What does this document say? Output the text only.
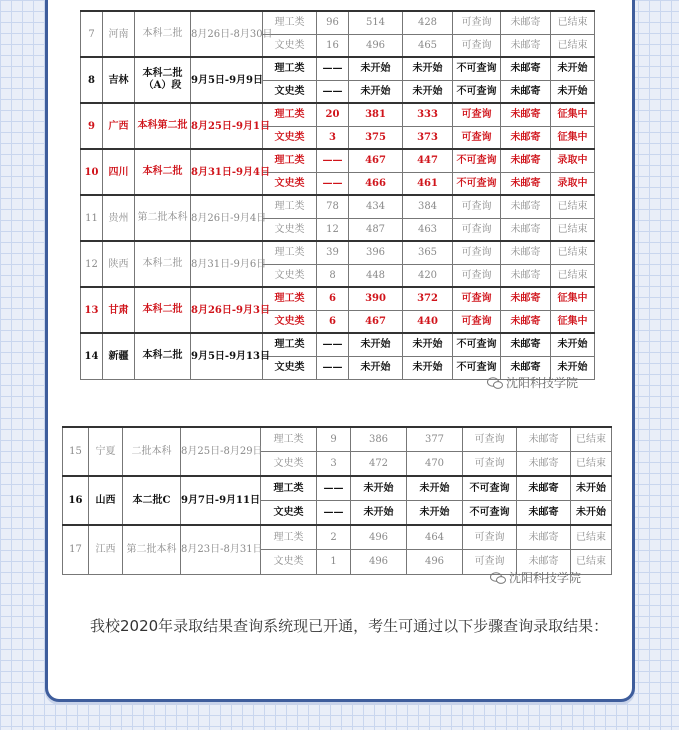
7	河南	本科二批	8月26日-8月30日	理工类	96	514	428	可查询	未邮寄	已结束
				文史类	16	496	465	可查询	未邮寄	已结束
8	吉林	本科二批（A）段	9月5日-9月9日	理工类	——	未开始	未开始	不可查询	未邮寄	未开始
				文史类	——	未开始	未开始	不可查询	未邮寄	未开始
9	广西	本科第二批	8月25日-9月1日	理工类	20	381	333	可查询	未邮寄	征集中
				文史类	3	375	373	可查询	未邮寄	征集中
10	四川	本科二批	8月31日-9月4日	理工类	——	467	447	不可查询	未邮寄	录取中
				文史类	——	466	461	不可查询	未邮寄	录取中
11	贵州	第二批本科	8月26日-9月4日	理工类	78	434	384	可查询	未邮寄	已结束
				文史类	12	487	463	可查询	未邮寄	已结束
12	陕西	本科二批	8月31日-9月6日	理工类	39	396	365	可查询	未邮寄	已结束
				文史类	8	448	420	可查询	未邮寄	已结束
13	甘肃	本科二批	8月26日-9月3日	理工类	6	390	372	可查询	未邮寄	征集中
				文史类	6	467	440	可查询	未邮寄	征集中
14	新疆	本科二批	9月5日-9月13日	理工类	——	未开始	未开始	不可查询	未邮寄	未开始
				文史类	——	未开始	未开始	不可查询	未邮寄	未开始
沈阳科技学院
15	宁夏	二批本科	8月25日-8月29日	理工类	9	386	377	可查询	未邮寄	已结束
				文史类	3	472	470	可查询	未邮寄	已结束
16	山西	本二批C	9月7日-9月11日	理工类	——	未开始	未开始	不可查询	未邮寄	未开始
				文史类	——	未开始	未开始	不可查询	未邮寄	未开始
17	江西	第二批本科	8月23日-8月31日	理工类	2	496	464	可查询	未邮寄	已结束
				文史类	1	496	496	可查询	未邮寄	已结束
沈阳科技学院

我校2020年录取结果查询系统现已开通，考生可通过以下步骤查询录取结果：
